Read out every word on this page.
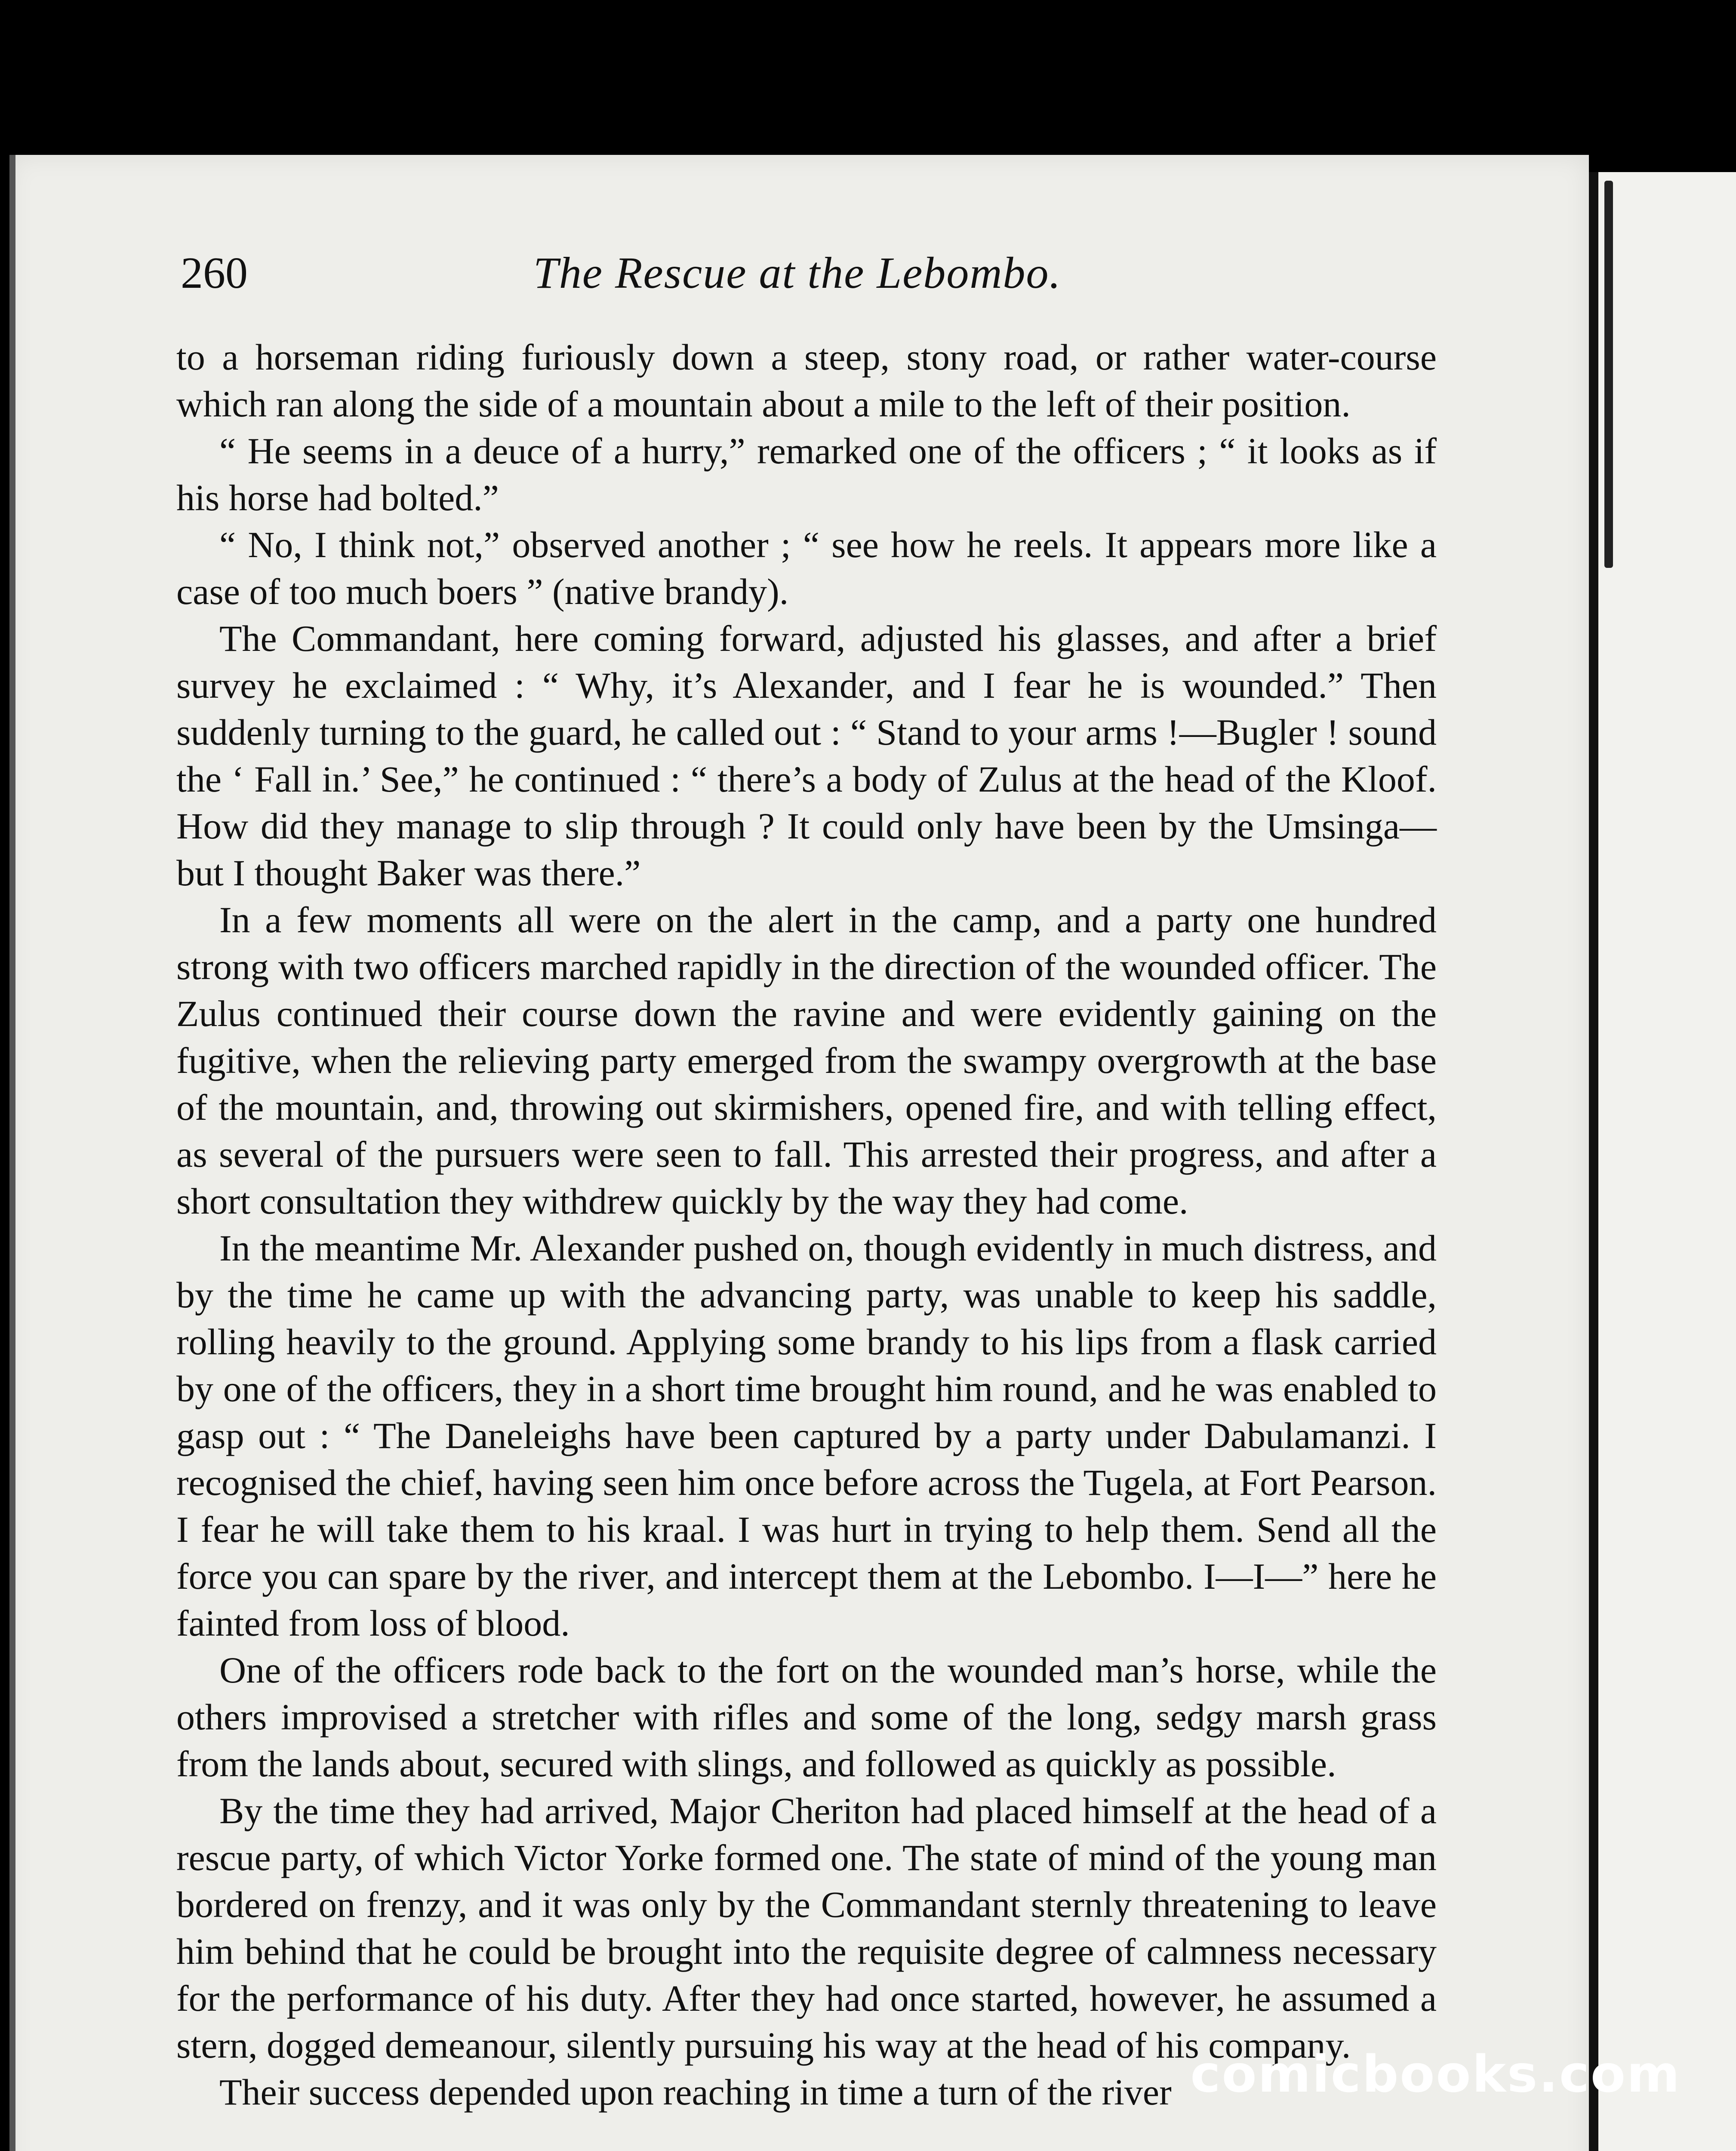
260	The Rescue at the Lebombo.

to a horseman riding furiously down a steep, stony road, or rather water-course which ran along the side of a mountain about a mile to the left of their position.

“ He seems in a deuce of a hurry,” remarked one of the officers ; “ it looks as if his horse had bolted.”

“ No, I think not,” observed another ; “ see how he reels. It appears more like a case of too much boers ” (native brandy).

The Commandant, here coming forward, adjusted his glasses, and after a brief survey he exclaimed : “ Why, it’s Alexander, and I fear he is wounded.” Then suddenly turning to the guard, he called out : “ Stand to your arms !—Bugler ! sound the ‘ Fall in.’ See,” he continued : “ there’s a body of Zulus at the head of the Kloof. How did they manage to slip through ? It could only have been by the Umsinga—but I thought Baker was there.”

In a few moments all were on the alert in the camp, and a party one hundred strong with two officers marched rapidly in the direction of the wounded officer. The Zulus continued their course down the ravine and were evidently gaining on the fugitive, when the relieving party emerged from the swampy overgrowth at the base of the mountain, and, throwing out skirmishers, opened fire, and with telling effect, as several of the pursuers were seen to fall. This arrested their progress, and after a short consultation they withdrew quickly by the way they had come.

In the meantime Mr. Alexander pushed on, though evidently in much distress, and by the time he came up with the advancing party, was unable to keep his saddle, rolling heavily to the ground. Applying some brandy to his lips from a flask carried by one of the officers, they in a short time brought him round, and he was enabled to gasp out : “ The Daneleighs have been captured by a party under Dabulamanzi. I recognised the chief, having seen him once before across the Tugela, at Fort Pearson. I fear he will take them to his kraal. I was hurt in trying to help them. Send all the force you can spare by the river, and intercept them at the Lebombo. I—I—” here he fainted from loss of blood.

One of the officers rode back to the fort on the wounded man’s horse, while the others improvised a stretcher with rifles and some of the long, sedgy marsh grass from the lands about, secured with slings, and followed as quickly as possible.

By the time they had arrived, Major Cheriton had placed himself at the head of a rescue party, of which Victor Yorke formed one. The state of mind of the young man bordered on frenzy, and it was only by the Commandant sternly threatening to leave him behind that he could be brought into the requisite degree of calmness necessary for the performance of his duty. After they had once started, however, he assumed a stern, dogged demeanour, silently pursuing his way at the head of his company.

Their success depended upon reaching in time a turn of the river comicbooks.com
